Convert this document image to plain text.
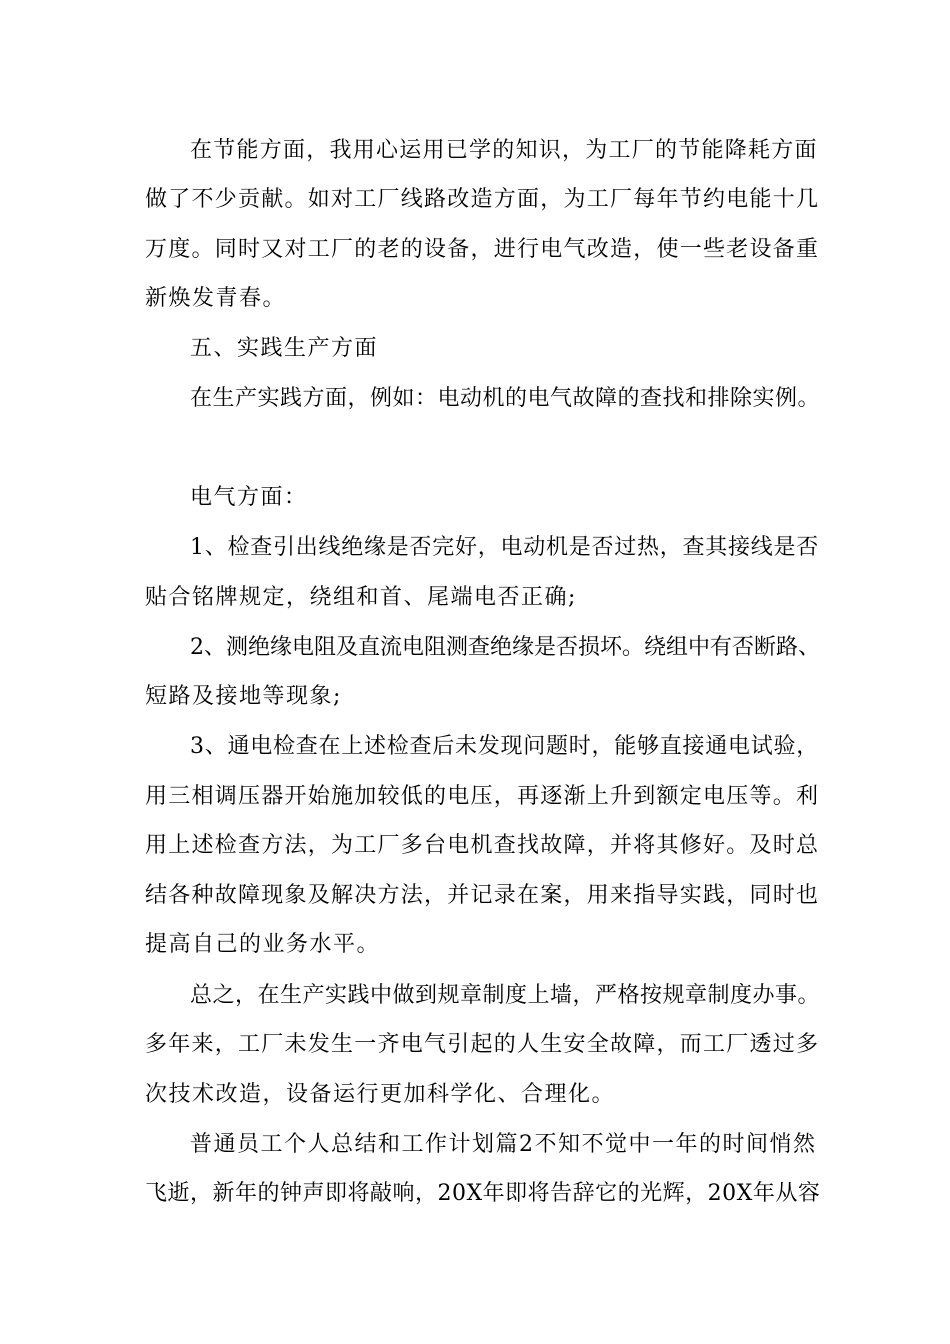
在节能方面，我用心运用已学的知识，为工厂的节能降耗方面
做了不少贡献。如对工厂线路改造方面，为工厂每年节约电能十几
万度。同时又对工厂的老的设备，进行电气改造，使一些老设备重
新焕发青春。
五、实践生产方面
在生产实践方面，例如：电动机的电气故障的查找和排除实例。
电气方面：
1、检查引出线绝缘是否完好，电动机是否过热，查其接线是否
贴合铭牌规定，绕组和首、尾端电否正确;
2、测绝缘电阻及直流电阻测查绝缘是否损坏。绕组中有否断路、
短路及接地等现象;
3、通电检查在上述检查后未发现问题时，能够直接通电试验，
用三相调压器开始施加较低的电压，再逐渐上升到额定电压等。利
用上述检查方法，为工厂多台电机查找故障，并将其修好。及时总
结各种故障现象及解决方法，并记录在案，用来指导实践，同时也
提高自己的业务水平。
总之，在生产实践中做到规章制度上墙，严格按规章制度办事。
多年来，工厂未发生一齐电气引起的人生安全故障，而工厂透过多
次技术改造，设备运行更加科学化、合理化。
普通员工个人总结和工作计划篇2不知不觉中一年的时间悄然
飞逝，新年的钟声即将敲响，20X年即将告辞它的光辉，20X年从容
